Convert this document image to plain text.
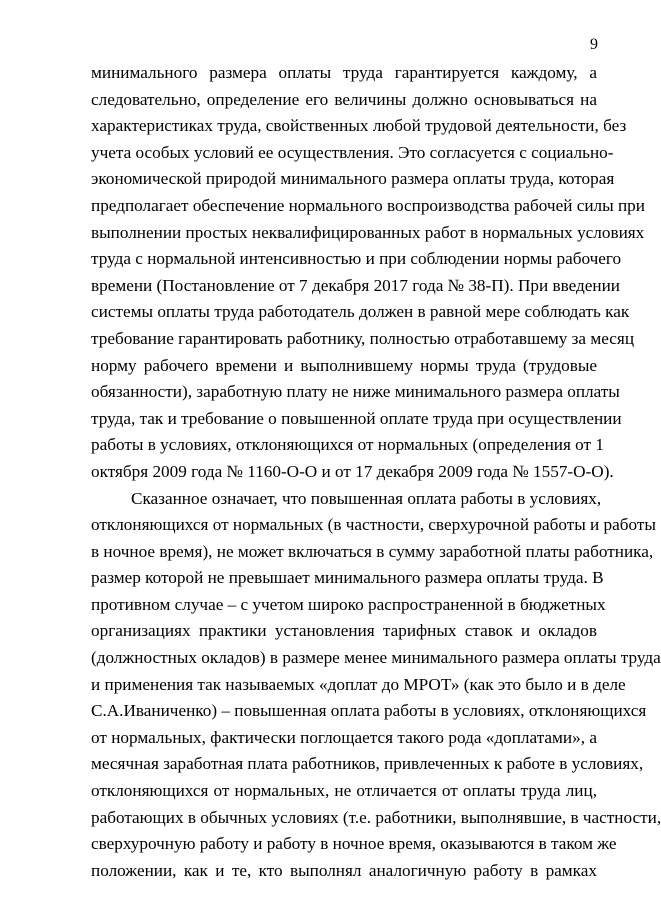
9
минимального размера оплаты труда гарантируется каждому, а
следовательно, определение его величины должно основываться на
характеристиках труда, свойственных любой трудовой деятельности, без
учета особых условий ее осуществления. Это согласуется с социально-
экономической природой минимального размера оплаты труда, которая
предполагает обеспечение нормального воспроизводства рабочей силы при
выполнении простых неквалифицированных работ в нормальных условиях
труда с нормальной интенсивностью и при соблюдении нормы рабочего
времени (Постановление от 7 декабря 2017 года № 38-П). При введении
системы оплаты труда работодатель должен в равной мере соблюдать как
требование гарантировать работнику, полностью отработавшему за месяц
норму рабочего времени и выполнившему нормы труда (трудовые
обязанности), заработную плату не ниже минимального размера оплаты
труда, так и требование о повышенной оплате труда при осуществлении
работы в условиях, отклоняющихся от нормальных (определения от 1
октября 2009 года № 1160-О-О и от 17 декабря 2009 года № 1557-О-О).
Сказанное означает, что повышенная оплата работы в условиях,
отклоняющихся от нормальных (в частности, сверхурочной работы и работы
в ночное время), не может включаться в сумму заработной платы работника,
размер которой не превышает минимального размера оплаты труда. В
противном случае – с учетом широко распространенной в бюджетных
организациях практики установления тарифных ставок и окладов
(должностных окладов) в размере менее минимального размера оплаты труда
и применения так называемых «доплат до МРОТ» (как это было и в деле
С.А.Иваниченко) – повышенная оплата работы в условиях, отклоняющихся
от нормальных, фактически поглощается такого рода «доплатами», а
месячная заработная плата работников, привлеченных к работе в условиях,
отклоняющихся от нормальных, не отличается от оплаты труда лиц,
работающих в обычных условиях (т.е. работники, выполнявшие, в частности,
сверхурочную работу и работу в ночное время, оказываются в таком же
положении, как и те, кто выполнял аналогичную работу в рамках
